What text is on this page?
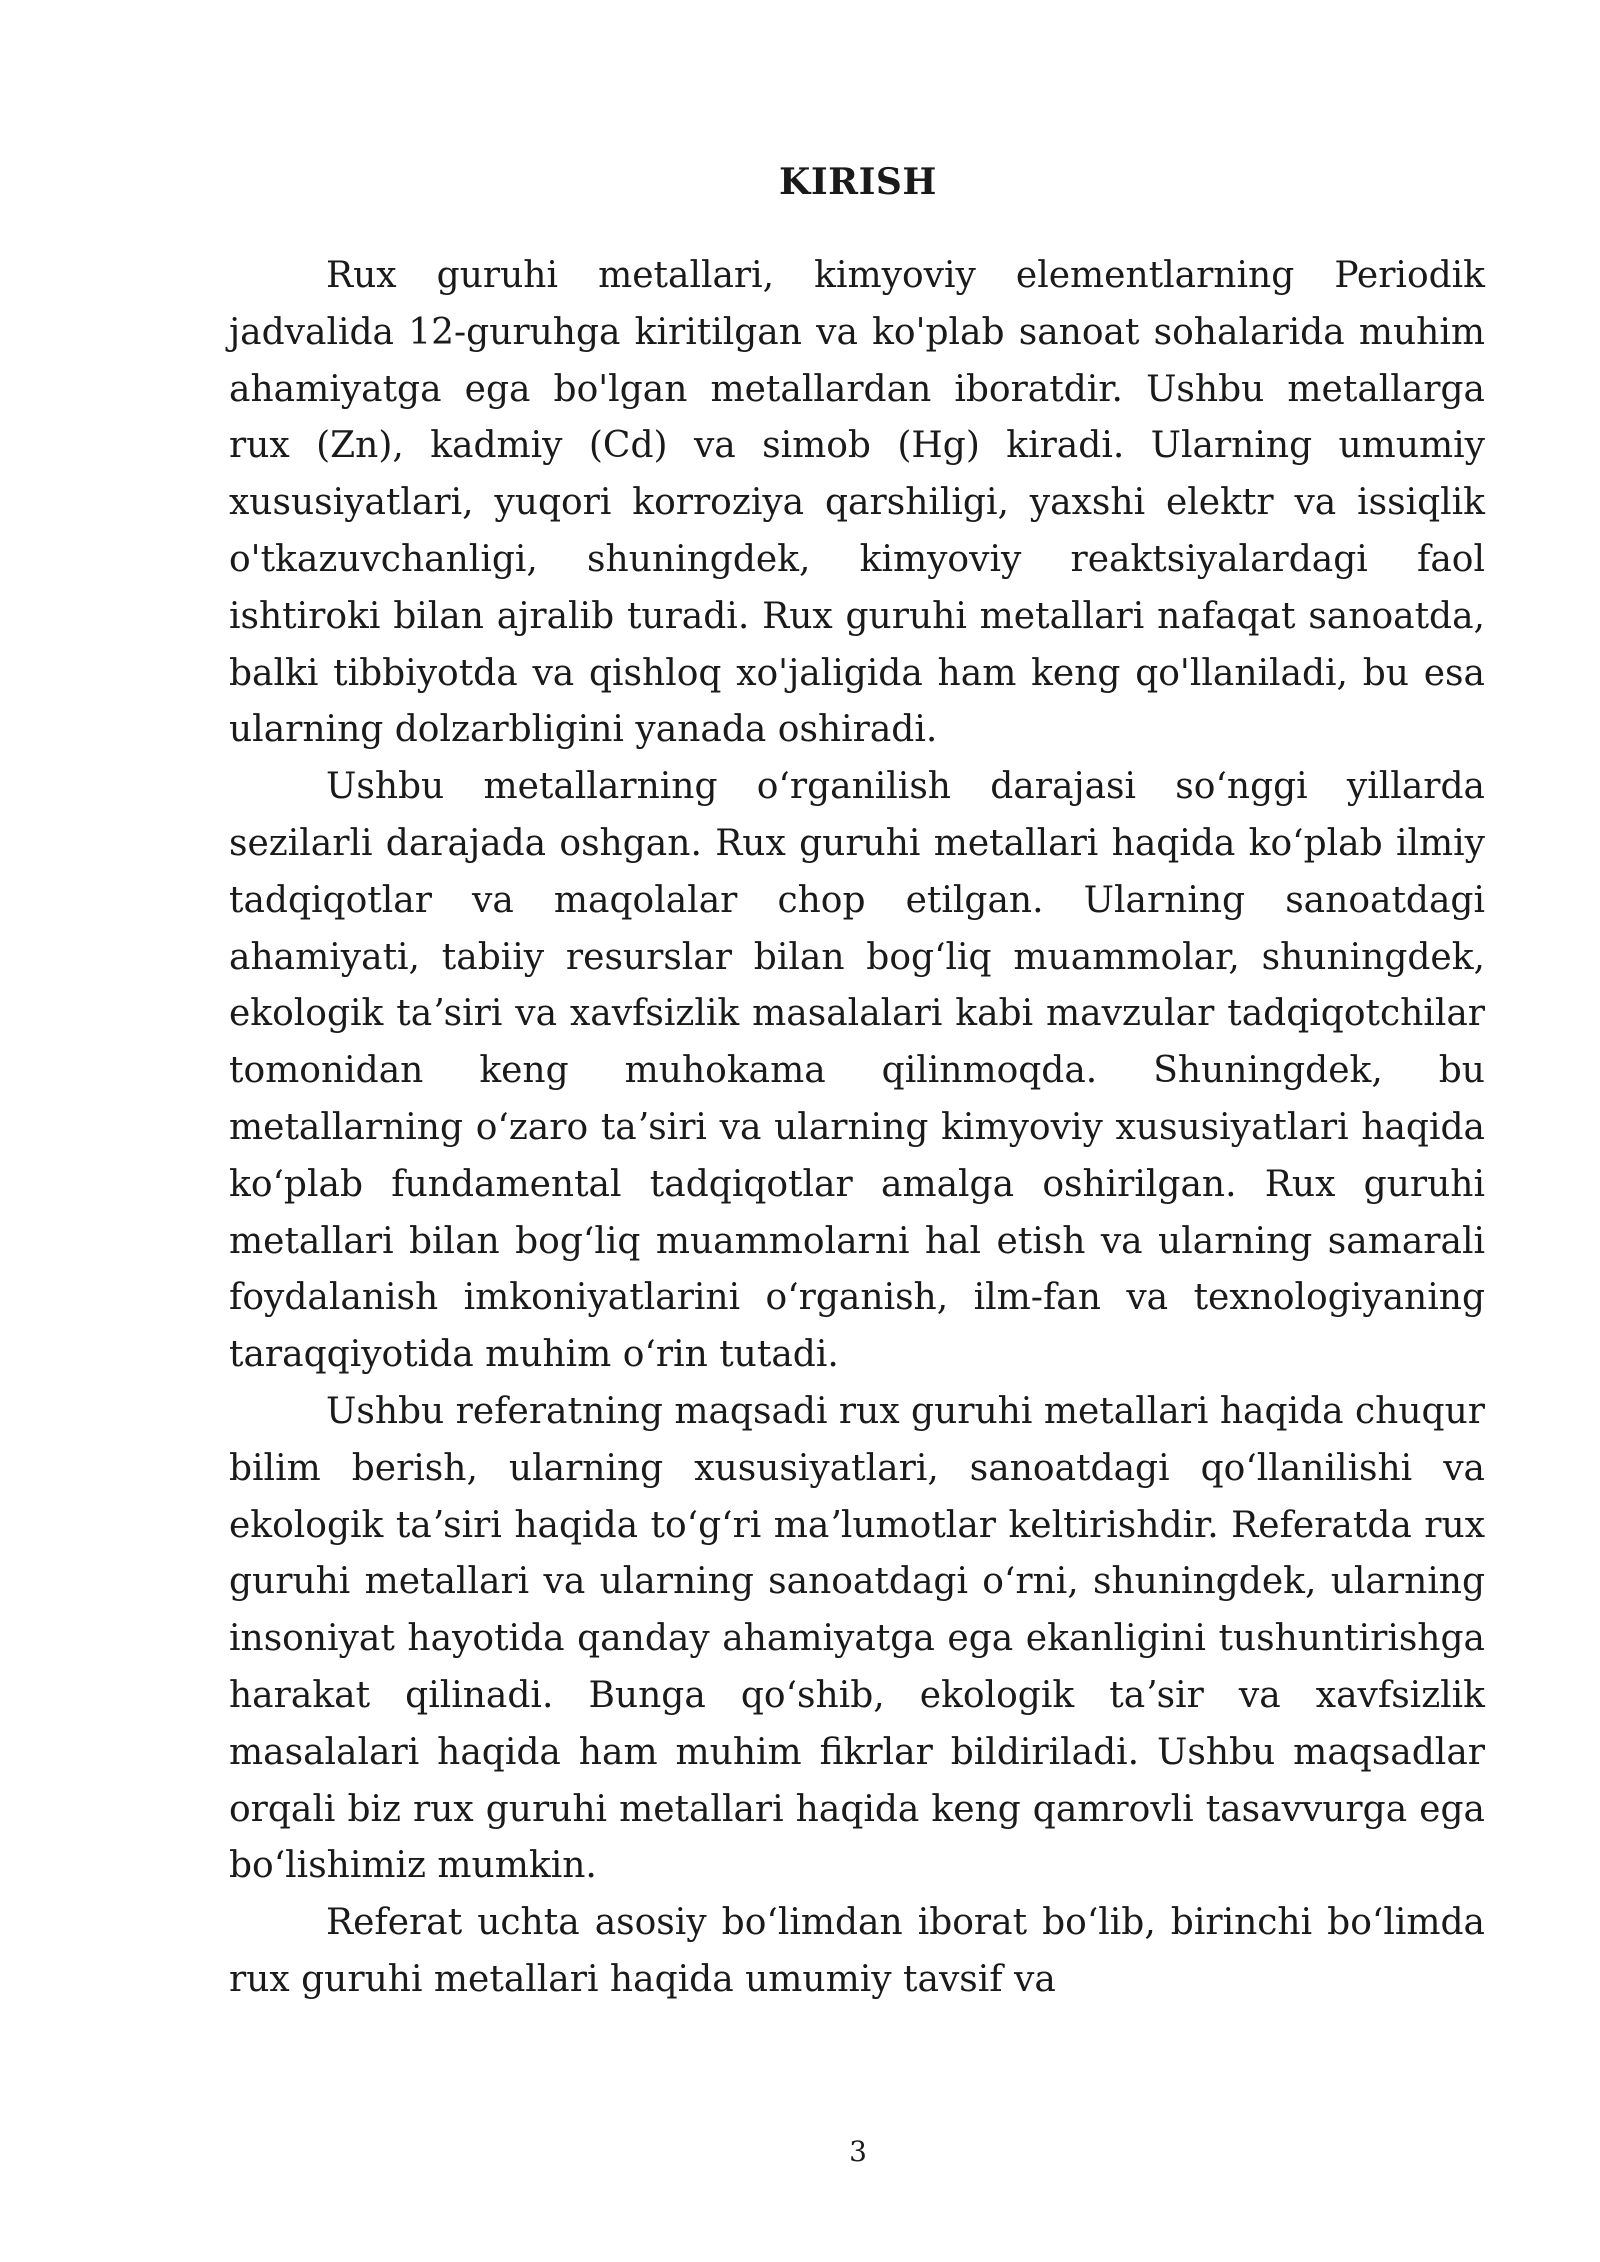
KIRISH

Rux guruhi metallari, kimyoviy elementlarning Periodik jadvalida 12-guruhga kiritilgan va ko'plab sanoat sohalarida muhim ahamiyatga ega bo'lgan metallardan iboratdir. Ushbu metallarga rux (Zn), kadmiy (Cd) va simob (Hg) kiradi. Ularning umumiy xususiyatlari, yuqori korroziya qarshiligi, yaxshi elektr va issiqlik o'tkazuvchanligi, shuningdek, kimyoviy reaktsiyalardagi faol ishtiroki bilan ajralib turadi. Rux guruhi metallari nafaqat sanoatda, balki tibbiyotda va qishloq xo'jaligida ham keng qo'llaniladi, bu esa ularning dolzarbligini yanada oshiradi.

Ushbu metallarning oʻrganilish darajasi soʻnggi yillarda sezilarli darajada oshgan. Rux guruhi metallari haqida koʻplab ilmiy tadqiqotlar va maqolalar chop etilgan. Ularning sanoatdagi ahamiyati, tabiiy resurslar bilan bogʻliq muammolar, shuningdek, ekologik taʼsiri va xavfsizlik masalalari kabi mavzular tadqiqotchilar tomonidan keng muhokama qilinmoqda. Shuningdek, bu metallarning oʻzaro taʼsiri va ularning kimyoviy xususiyatlari haqida koʻplab fundamental tadqiqotlar amalga oshirilgan. Rux guruhi metallari bilan bogʻliq muammolarni hal etish va ularning samarali foydalanish imkoniyatlarini oʻrganish, ilm-fan va texnologiyaning taraqqiyotida muhim oʻrin tutadi.

Ushbu referatning maqsadi rux guruhi metallari haqida chuqur bilim berish, ularning xususiyatlari, sanoatdagi qoʻllanilishi va ekologik taʼsiri haqida toʻgʻri maʼlumotlar keltirishdir. Referatda rux guruhi metallari va ularning sanoatdagi oʻrni, shuningdek, ularning insoniyat hayotida qanday ahamiyatga ega ekanligini tushuntirishga harakat qilinadi. Bunga qoʻshib, ekologik taʼsir va xavfsizlik masalalari haqida ham muhim fikrlar bildiriladi. Ushbu maqsadlar orqali biz rux guruhi metallari haqida keng qamrovli tasavvurga ega boʻlishimiz mumkin.

Referat uchta asosiy boʻlimdan iborat boʻlib, birinchi boʻlimda rux guruhi metallari haqida umumiy tavsif va

3
